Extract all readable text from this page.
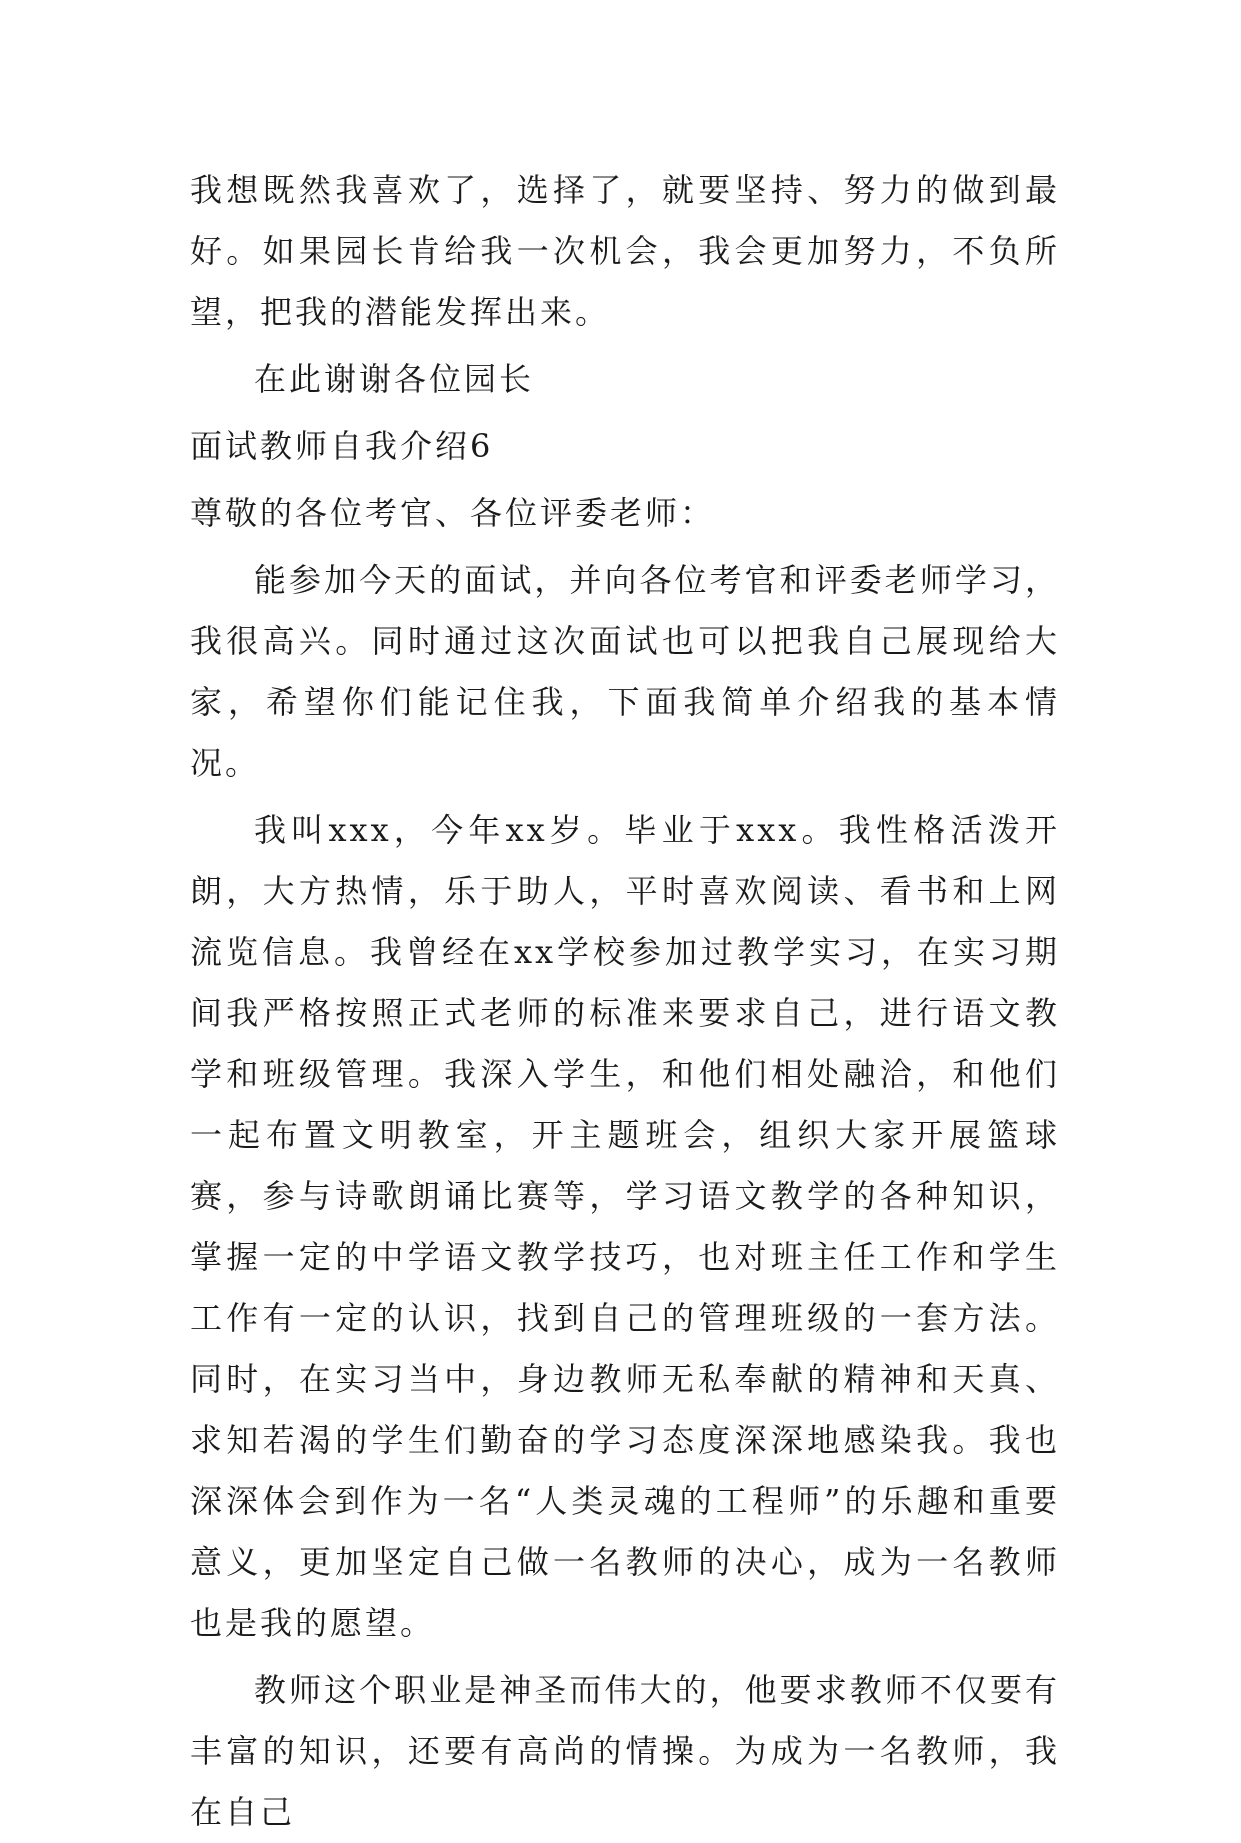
我想既然我喜欢了，选择了，就要坚持、努力的做到最好。如果园长肯给我一次机会，我会更加努力，不负所望，把我的潜能发挥出来。

在此谢谢各位园长

面试教师自我介绍6

尊敬的各位考官、各位评委老师：

能参加今天的面试，并向各位考官和评委老师学习，我很高兴。同时通过这次面试也可以把我自己展现给大家，希望你们能记住我，下面我简单介绍我的基本情况。

我叫xxx，今年xx岁。毕业于xxx。我性格活泼开朗，大方热情，乐于助人，平时喜欢阅读、看书和上网流览信息。我曾经在xx学校参加过教学实习，在实习期间我严格按照正式老师的标准来要求自己，进行语文教学和班级管理。我深入学生，和他们相处融洽，和他们一起布置文明教室，开主题班会，组织大家开展篮球赛，参与诗歌朗诵比赛等，学习语文教学的各种知识，掌握一定的中学语文教学技巧，也对班主任工作和学生工作有一定的认识，找到自己的管理班级的一套方法。同时，在实习当中，身边教师无私奉献的精神和天真、求知若渴的学生们勤奋的学习态度深深地感染我。我也深深体会到作为一名“人类灵魂的工程师”的乐趣和重要意义，更加坚定自己做一名教师的决心，成为一名教师也是我的愿望。

教师这个职业是神圣而伟大的，他要求教师不仅要有丰富的知识，还要有高尚的情操。为成为一名教师，我在自己
